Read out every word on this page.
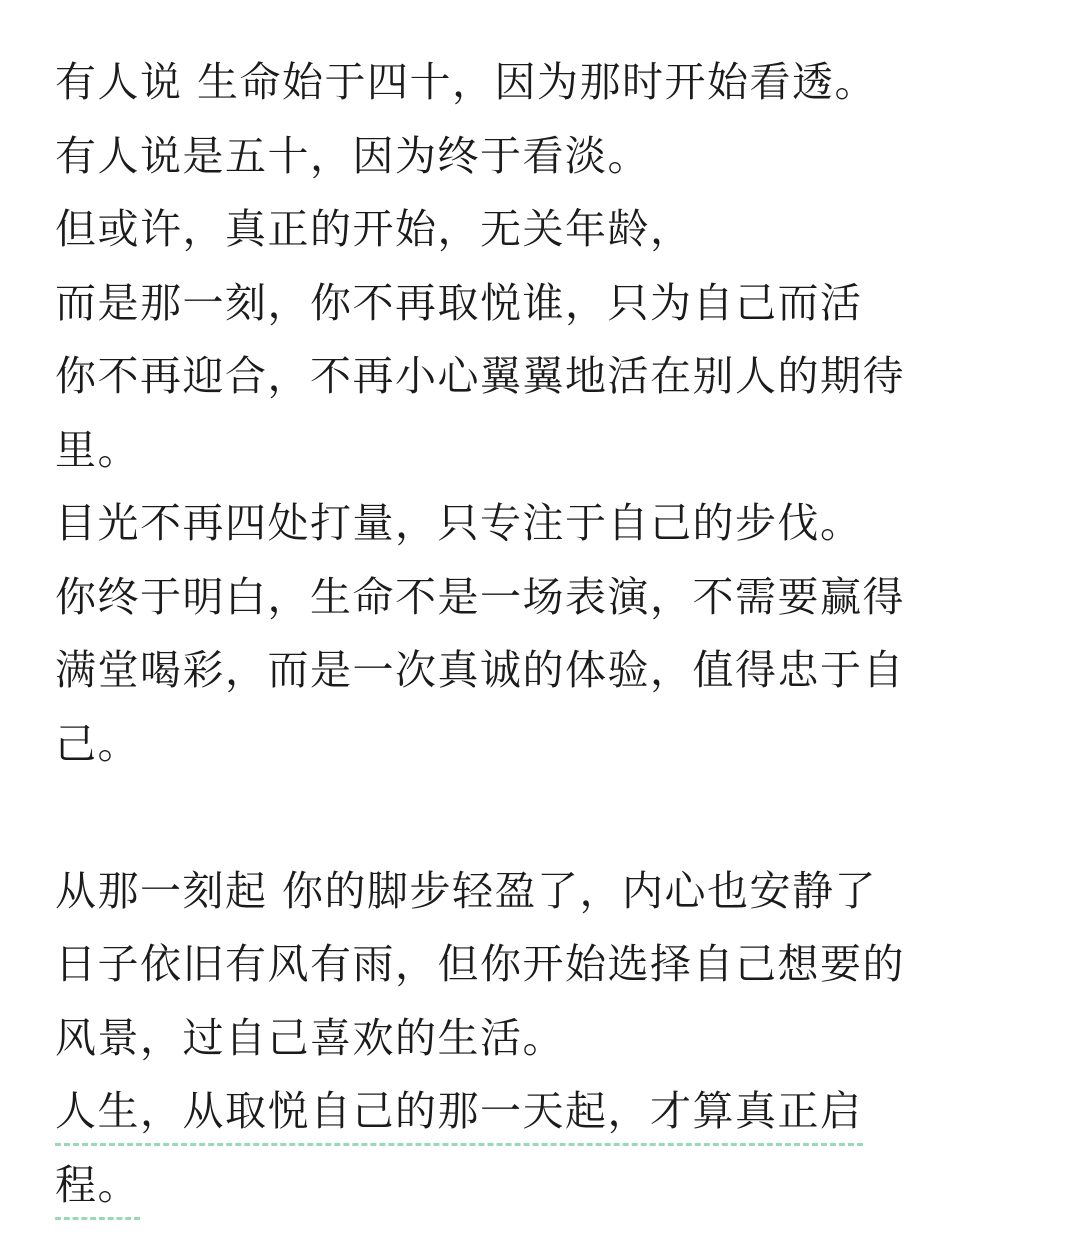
有人说 生命始于四十，因为那时开始看透。

有人说是五十，因为终于看淡。

但或许，真正的开始，无关年龄，

而是那一刻，你不再取悦谁，只为自己而活

你不再迎合，不再小心翼翼地活在别人的期待

里。

目光不再四处打量，只专注于自己的步伐。

你终于明白，生命不是一场表演，不需要赢得

满堂喝彩，而是一次真诚的体验，值得忠于自

己。

从那一刻起 你的脚步轻盈了，内心也安静了

日子依旧有风有雨，但你开始选择自己想要的

风景，过自己喜欢的生活。

人生，从取悦自己的那一天起，才算真正启

程。
